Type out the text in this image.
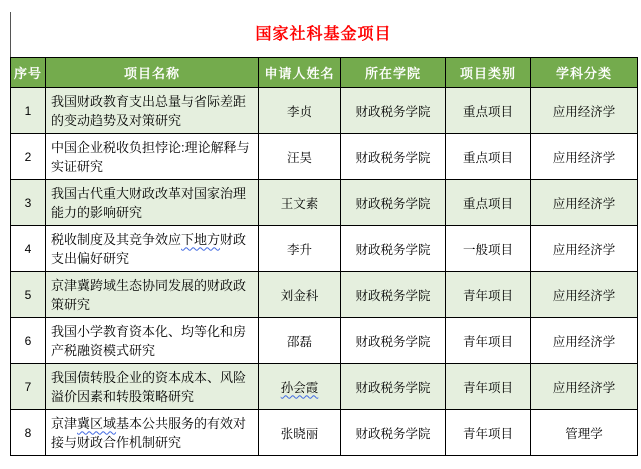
国家社科基金项目
序号	项目名称	申请人姓名	所在学院	项目类别	学科分类
1	我国财政教育支出总量与省际差距的变动趋势及对策研究	李贞	财政税务学院	重点项目	应用经济学
2	中国企业税收负担悖论:理论解释与实证研究	汪昊	财政税务学院	重点项目	应用经济学
3	我国古代重大财政改革对国家治理能力的影响研究	王文素	财政税务学院	重点项目	应用经济学
4	税收制度及其竞争效应下地方财政支出偏好研究	李升	财政税务学院	一般项目	应用经济学
5	京津冀跨域生态协同发展的财政政策研究	刘金科	财政税务学院	青年项目	应用经济学
6	我国小学教育资本化、均等化和房产税融资模式研究	邵磊	财政税务学院	青年项目	应用经济学
7	我国债转股企业的资本成本、风险溢价因素和转股策略研究	孙会霞	财政税务学院	青年项目	应用经济学
8	京津冀区域基本公共服务的有效对接与财政合作机制研究	张晓丽	财政税务学院	青年项目	管理学
